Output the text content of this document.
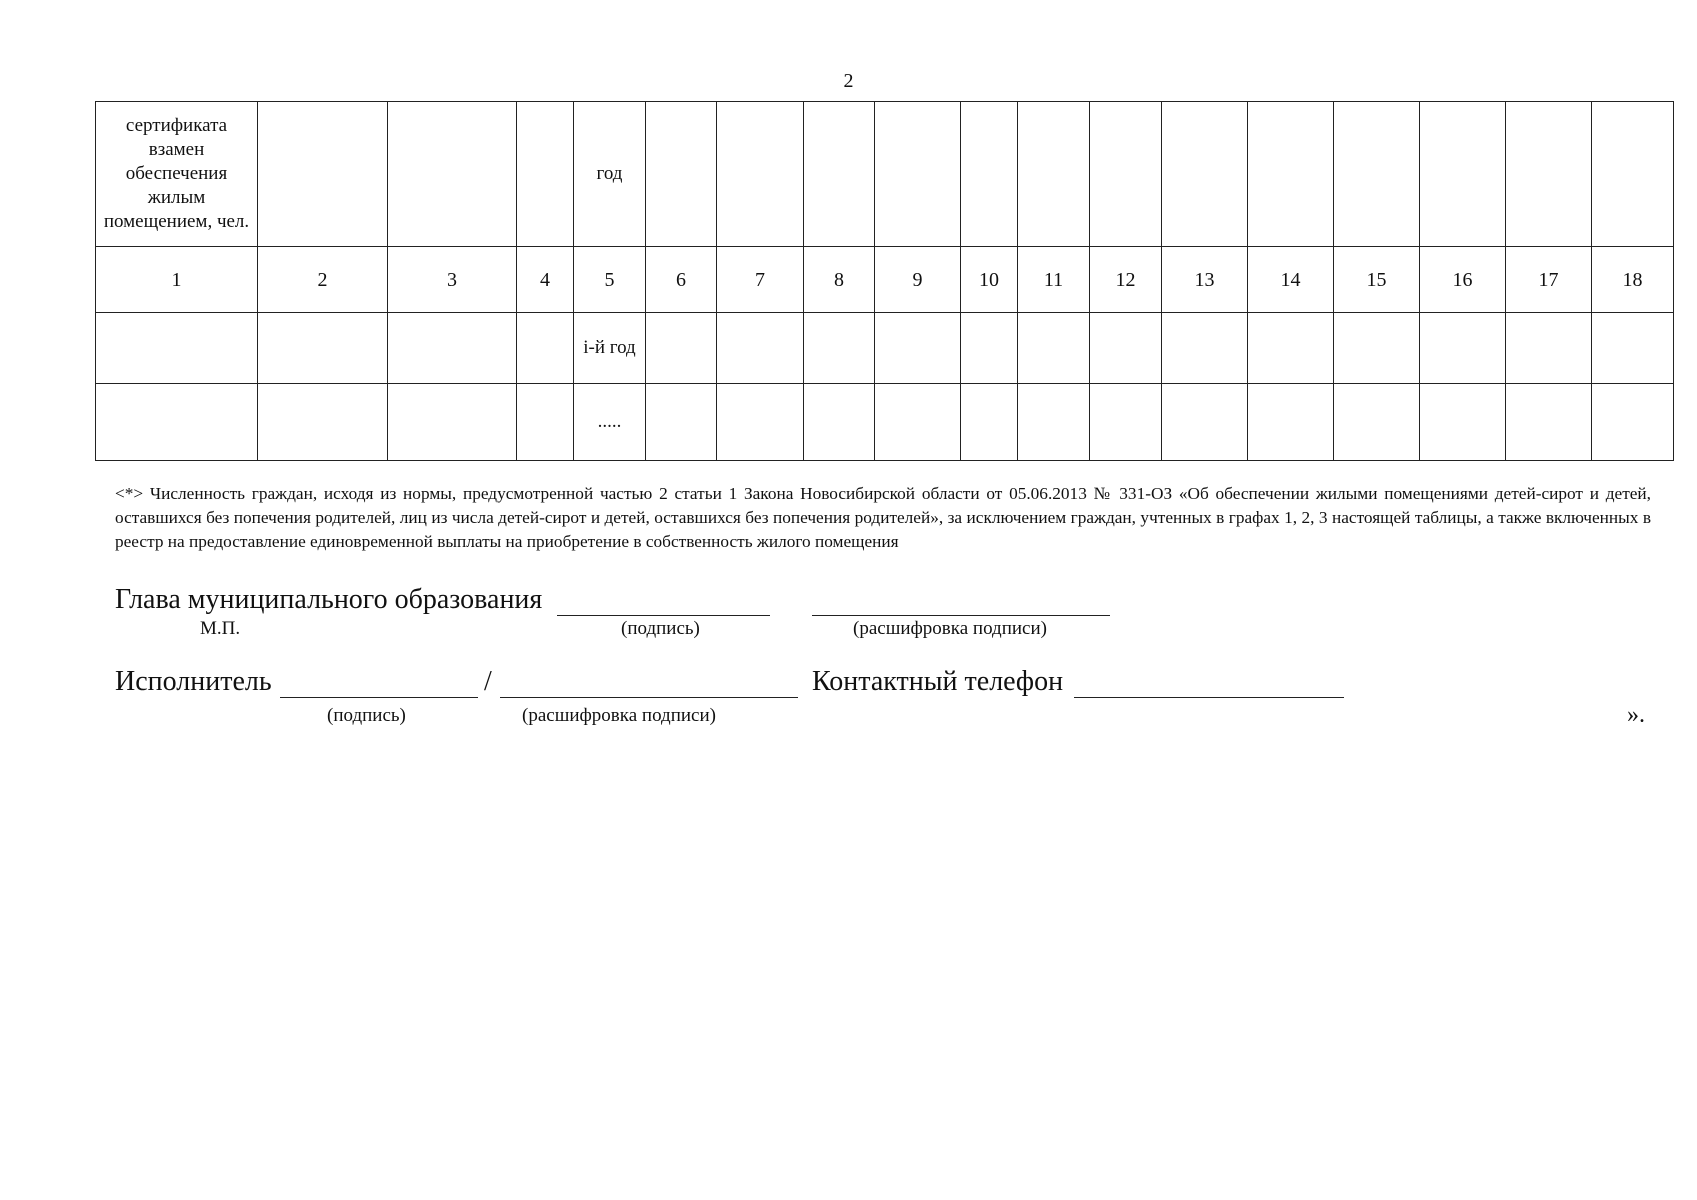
2
сертификата взамен обеспечения жилым помещением, чел.				год													
1	2	3	4	5	6	7	8	9	10	11	12	13	14	15	16	17	18
				i-й год													
				.....													
<*> Численность граждан, исходя из нормы, предусмотренной частью 2 статьи 1 Закона Новосибирской области от 05.06.2013 № 331-ОЗ «Об обеспечении жилыми помещениями детей-сирот и детей, оставшихся без попечения родителей, лиц из числа детей-сирот и детей, оставшихся без попечения родителей», за исключением граждан, учтенных в графах 1, 2, 3 настоящей таблицы, а также включенных в реестр на предоставление единовременной выплаты на приобретение в собственность жилого помещения
Глава муниципального образования
М.П.	(подпись)	(расшифровка подписи)
Исполнитель	/	Контактный телефон
(подпись)	(расшифровка подписи)	».
